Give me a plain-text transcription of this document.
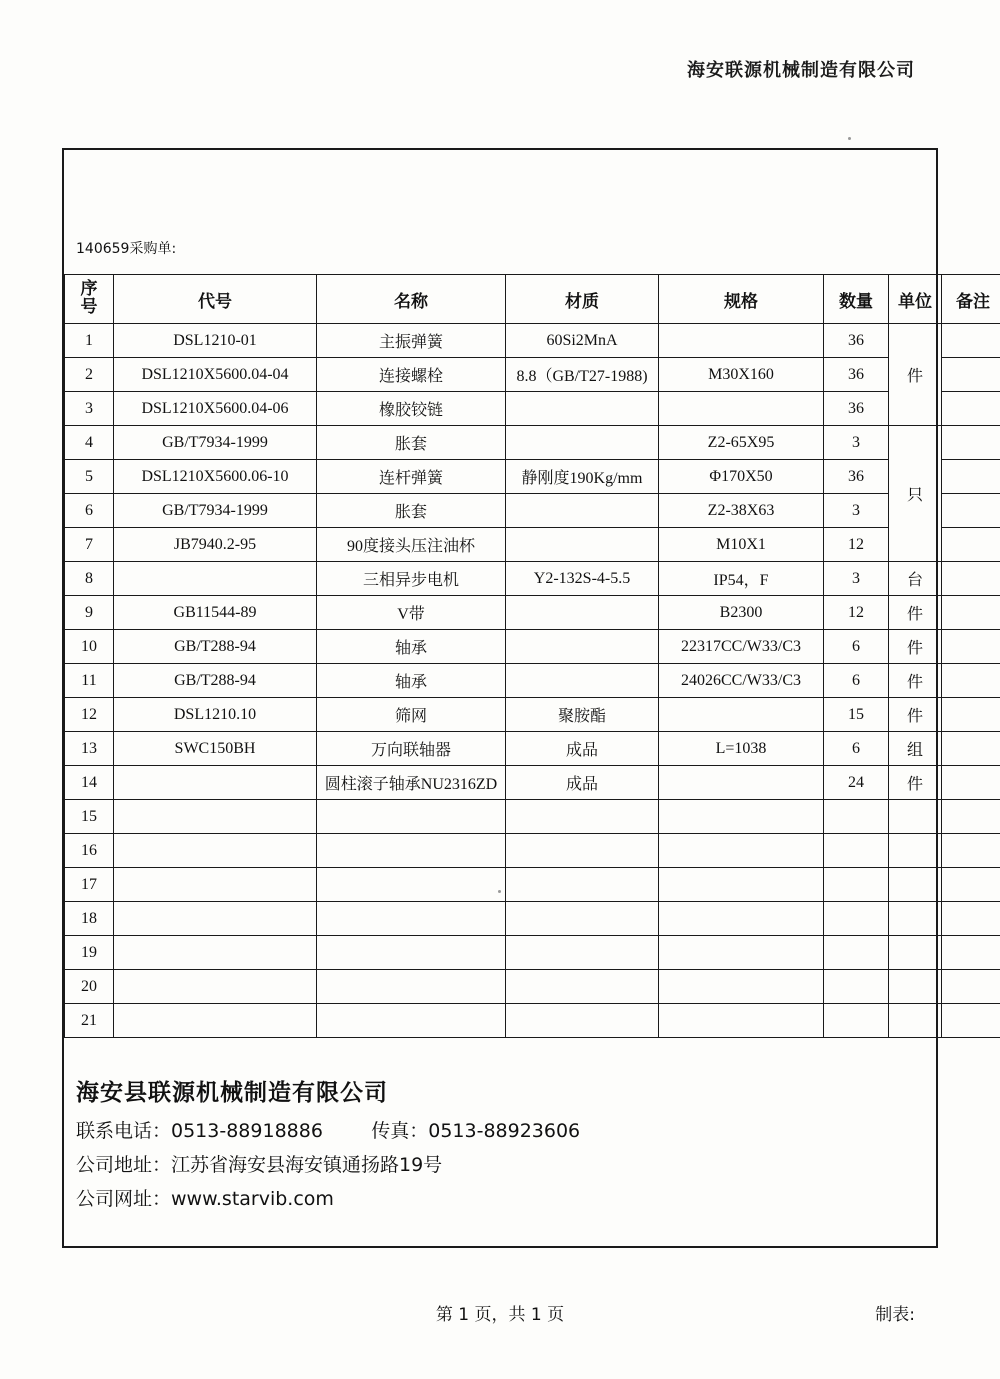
海安联源机械制造有限公司
140659采购单:
序
号	代号	名称	材质	规格	数量	单位	备注
1	DSL1210-01	主振弹簧	60Si2MnA		36	件	
2	DSL1210X5600.04-04	连接螺栓	8.8（GB/T27-1988)	M30X160	36		
3	DSL1210X5600.04-06	橡胶铰链			36		
4	GB/T7934-1999	胀套		Z2-65X95	3	只	
5	DSL1210X5600.06-10	连杆弹簧	静刚度190Kg/mm	Φ170X50	36		
6	GB/T7934-1999	胀套		Z2-38X63	3		
7	JB7940.2-95	90度接头压注油杯		M10X1	12		
8		三相异步电机	Y2-132S-4-5.5	IP54，F	3	台	
9	GB11544-89	V带		B2300	12	件	
10	GB/T288-94	轴承		22317CC/W33/C3	6	件	
11	GB/T288-94	轴承		24026CC/W33/C3	6	件	
12	DSL1210.10	筛网	聚胺酯		15	件	
13	SWC150BH	万向联轴器	成品	L=1038	6	组	
14		圆柱滚子轴承NU2316ZD	成品		24	件	
15							
16							
17							
18							
19							
20							
21							
海安县联源机械制造有限公司
联系电话：0513-88918886        传真：0513-88923606
公司地址：江苏省海安县海安镇通扬路19号
公司网址：www.starvib.com
第 1 页，共 1 页	制表:
